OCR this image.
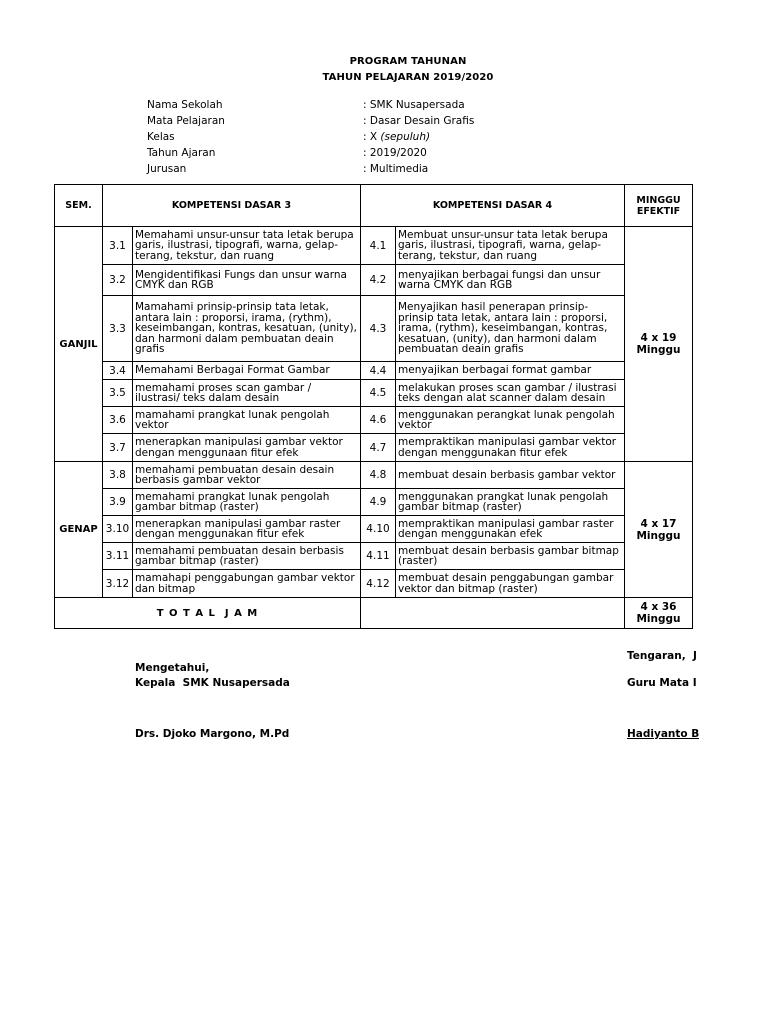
PROGRAM TAHUNAN
TAHUN PELAJARAN 2019/2020
Nama Sekolah	: SMK Nusapersada
Mata Pelajaran	: Dasar Desain Grafis
Kelas	: X (sepuluh)
Tahun Ajaran	: 2019/2020
Jurusan	: Multimedia
SEM.	KOMPETENSI DASAR 3		KOMPETENSI DASAR 4		MINGGU EFEKTIF
GANJIL	3.1	Memahami unsur-unsur tata letak berupa garis, ilustrasi, tipografi, warna, gelap-terang, tekstur, dan ruang	4.1	Membuat unsur-unsur tata letak berupa garis, ilustrasi, tipografi, warna, gelap-terang, tekstur, dan ruang	4 x 19 Minggu
	3.2	Mengidentifikasi Fungs dan unsur warna CMYK dan RGB	4.2	menyajikan berbagai fungsi dan unsur warna CMYK dan RGB	
	3.3	Mamahami prinsip-prinsip tata letak, antara lain : proporsi, irama, (rythm), keseimbangan, kontras, kesatuan, (unity), dan harmoni dalam pembuatan deain grafis	4.3	Menyajikan hasil penerapan prinsip-prinsip tata letak, antara lain : proporsi, irama, (rythm), keseimbangan, kontras, kesatuan, (unity), dan harmoni dalam pembuatan deain grafis	
	3.4	Memahami Berbagai Format Gambar	4.4	menyajikan berbagai format gambar	
	3.5	memahami proses scan gambar / ilustrasi/ teks dalam desain	4.5	melakukan proses scan gambar / ilustrasi teks dengan alat scanner dalam desain	
	3.6	mamahami prangkat lunak pengolah vektor	4.6	menggunakan perangkat lunak pengolah vektor	
	3.7	menerapkan manipulasi gambar vektor dengan menggunaan fitur efek	4.7	mempraktikan manipulasi gambar vektor dengan menggunakan fitur efek	
GENAP	3.8	memahami pembuatan desain desain berbasis gambar vektor	4.8	membuat desain berbasis gambar vektor	4 x 17 Minggu
	3.9	memahami prangkat lunak pengolah gambar bitmap (raster)	4.9	menggunakan prangkat lunak pengolah gambar bitmap (raster)	
	3.10	menerapkan manipulasi gambar raster dengan menggunakan fitur efek	4.10	mempraktikan manipulasi gambar raster dengan menggunakan efek	
	3.11	memahami pembuatan desain berbasis gambar bitmap (raster)	4.11	membuat desain berbasis gambar bitmap (raster)	
	3.12	mamahapi penggabungan gambar vektor dan bitmap	4.12	membuat desain penggabungan gambar vektor dan bitmap (raster)	
T O T A L  J A M					4 x 36 Minggu
Tengaran,  J
Mengetahui,
Kepala  SMK Nusapersada	Guru Mata I
Drs. Djoko Margono, M.Pd	Hadiyanto B
